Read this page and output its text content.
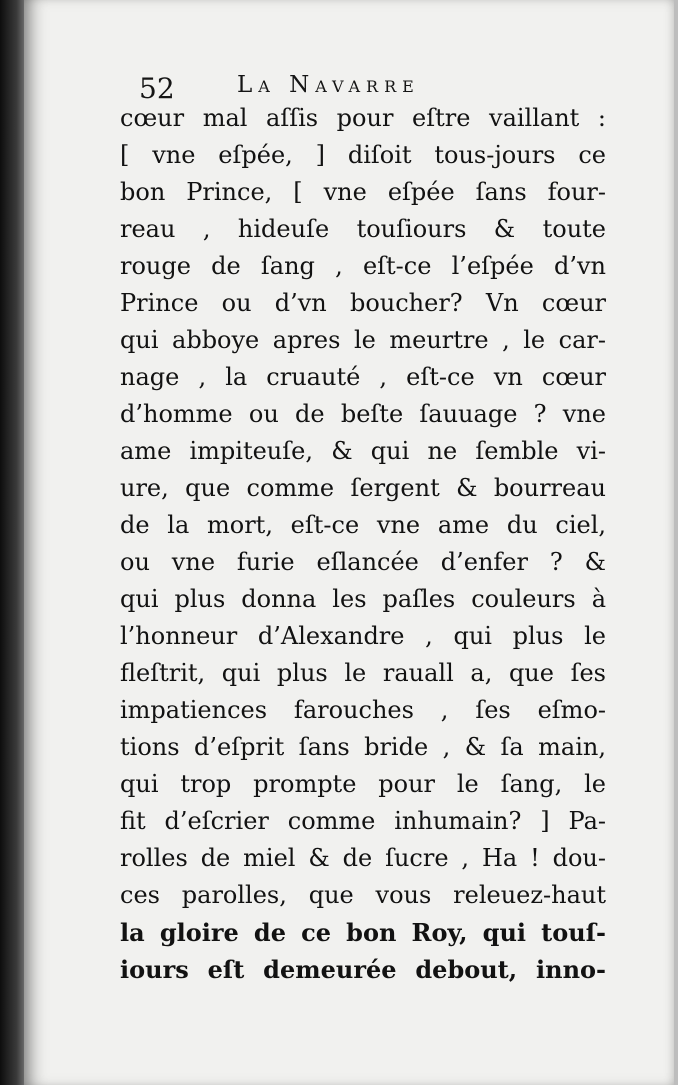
52	La Navarre
cœur mal aſſis pour eſtre vaillant :
[ vne eſpée, ] diſoit tous-jours ce
bon Prince, [ vne eſpée ſans four-
reau , hideuſe touſiours & toute
rouge de ſang , eſt-ce l’eſpée d’vn
Prince ou d’vn boucher? Vn cœur
qui abboye apres le meurtre , le car-
nage , la cruauté , eſt-ce vn cœur
d’homme ou de beſte ſauuage ? vne
ame impiteuſe, & qui ne ſemble vi-
ure, que comme ſergent & bourreau
de la mort, eſt-ce vne ame du ciel,
ou vne furie eſlancée d’enfer ? &
qui plus donna les paſles couleurs à
l’honneur d’Alexandre , qui plus le
fleſtrit, qui plus le rauall a, que ſes
impatiences farouches , ſes eſmo-
tions d’eſprit ſans bride , & ſa main,
qui trop prompte pour le ſang, le
fit d’eſcrier comme inhumain? ] Pa-
rolles de miel & de ſucre , Ha ! dou-
ces parolles, que vous releuez-haut
la gloire de ce bon Roy, qui touſ-
iours eſt demeurée debout, inno-
